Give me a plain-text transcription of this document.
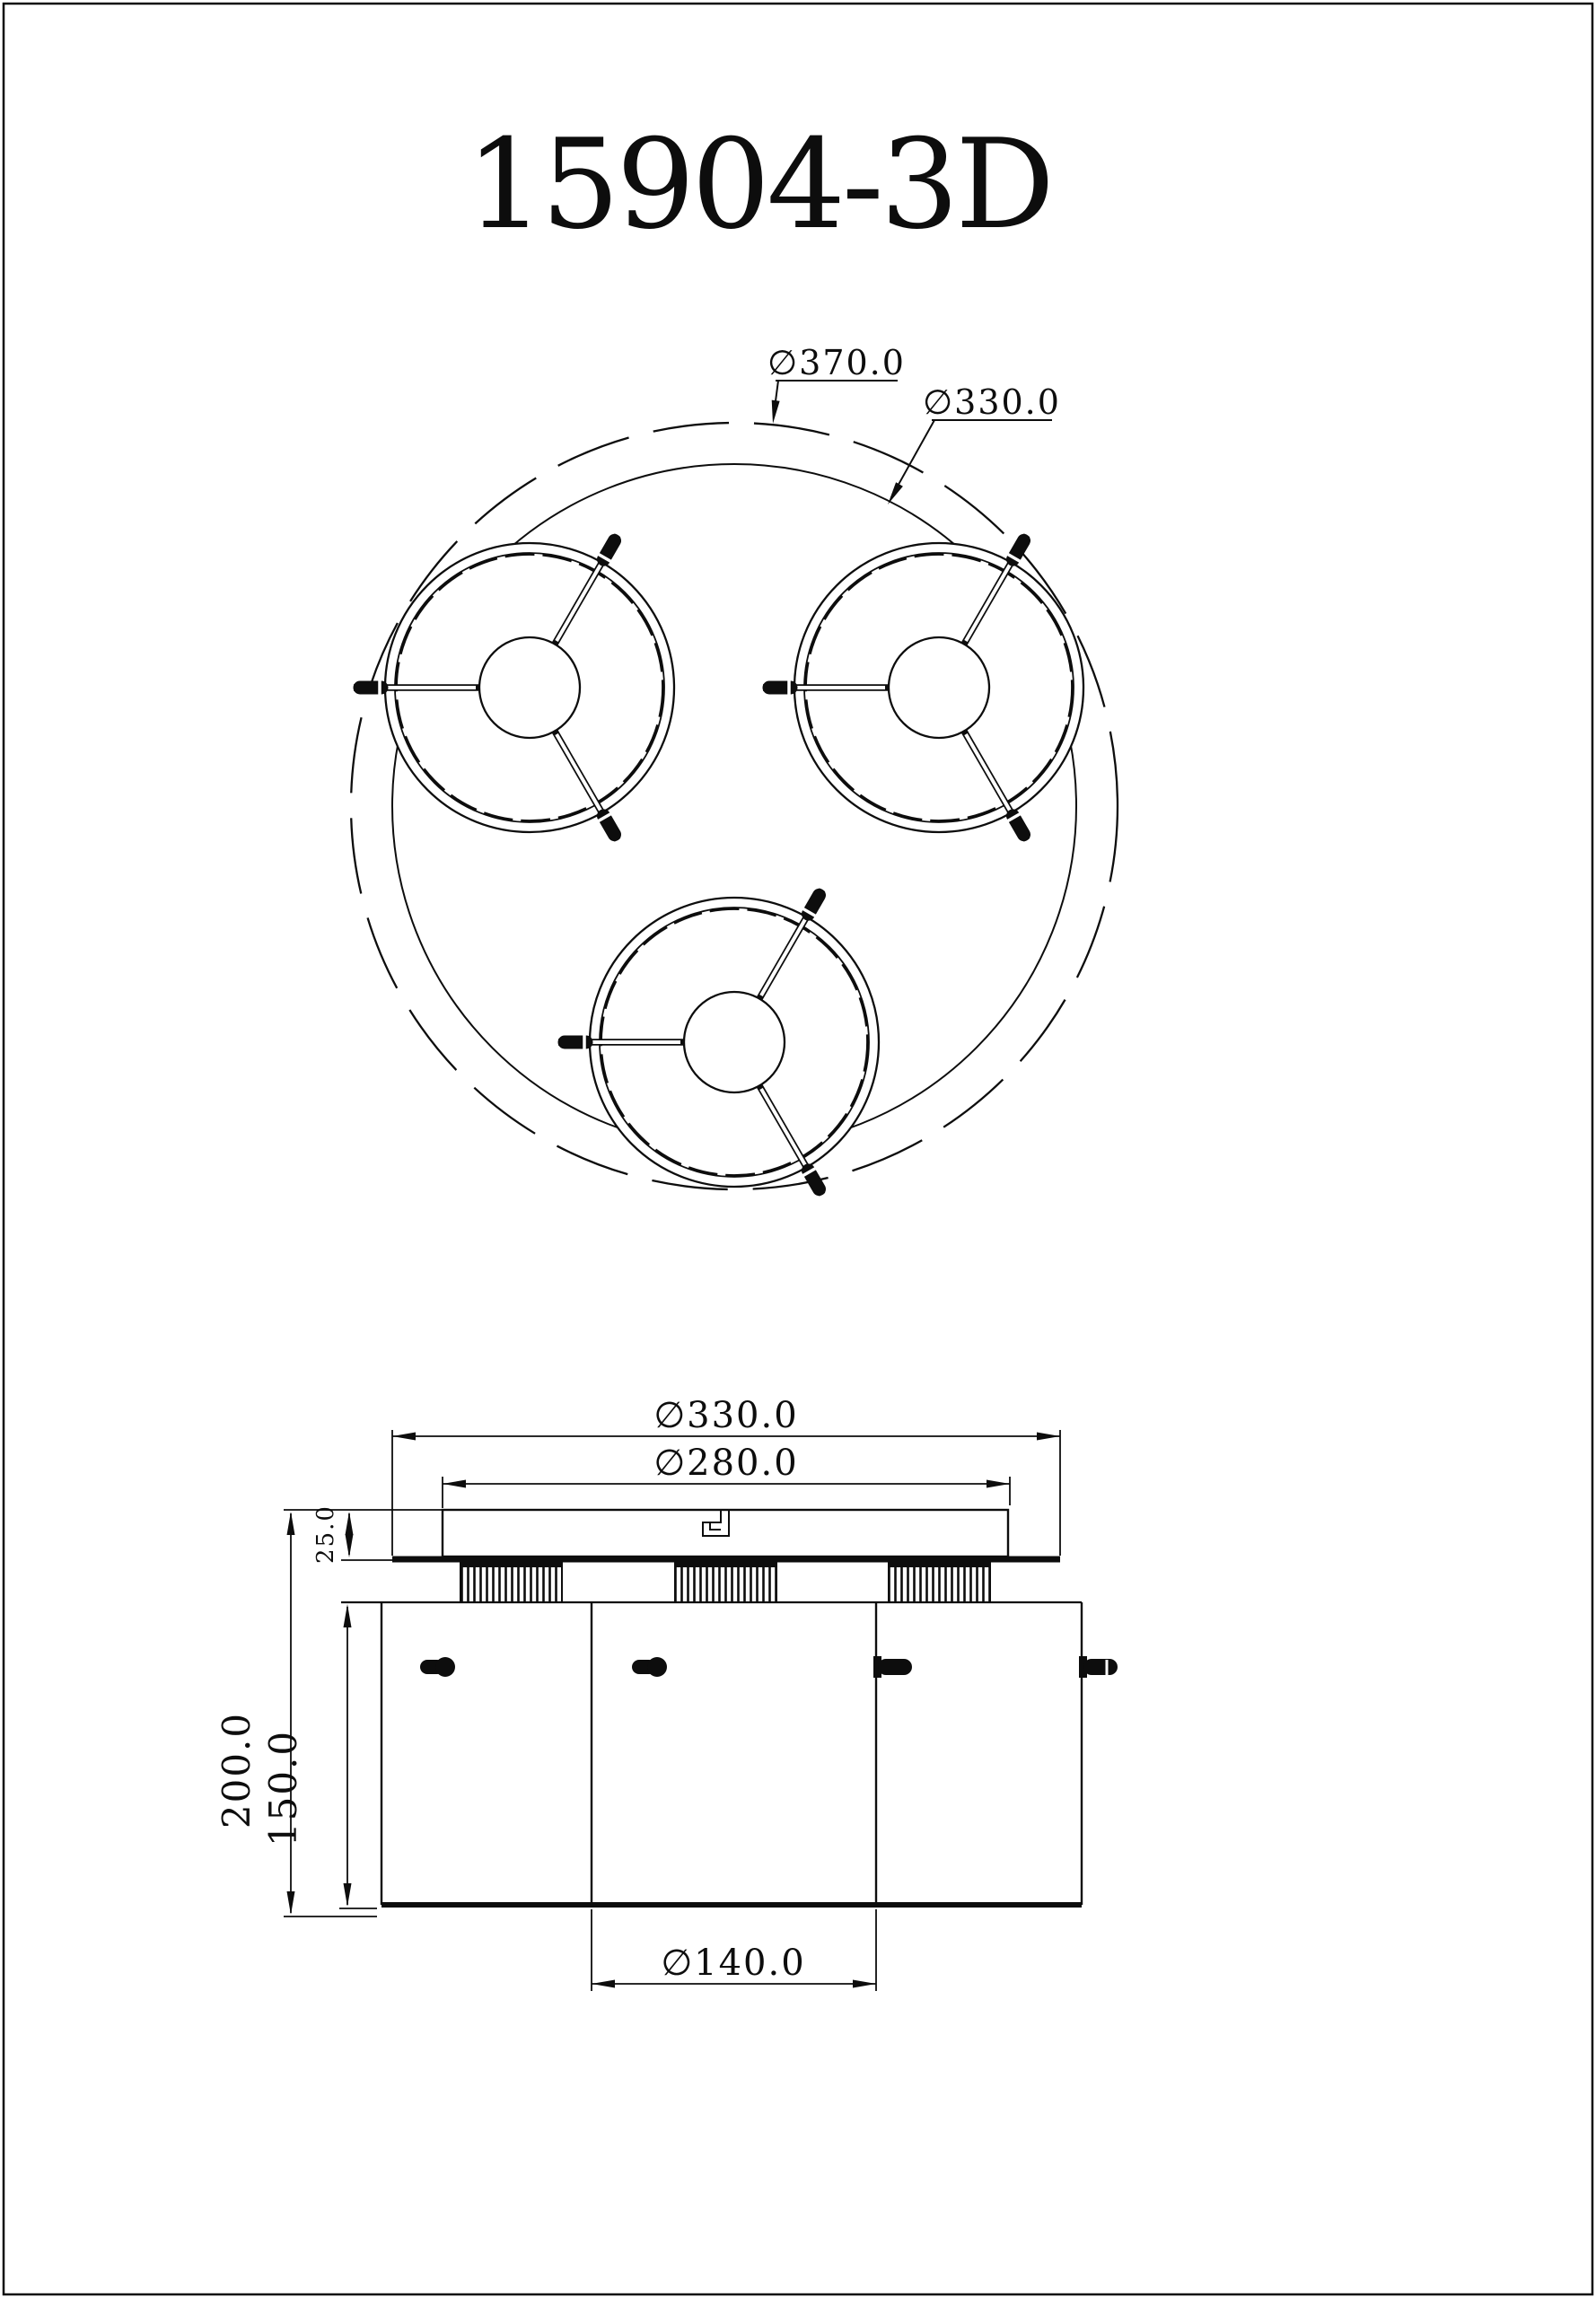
15904-3D
∅370.0
∅330.0
∅330.0
∅280.0
25.0
200.0 150.0
∅140.0
